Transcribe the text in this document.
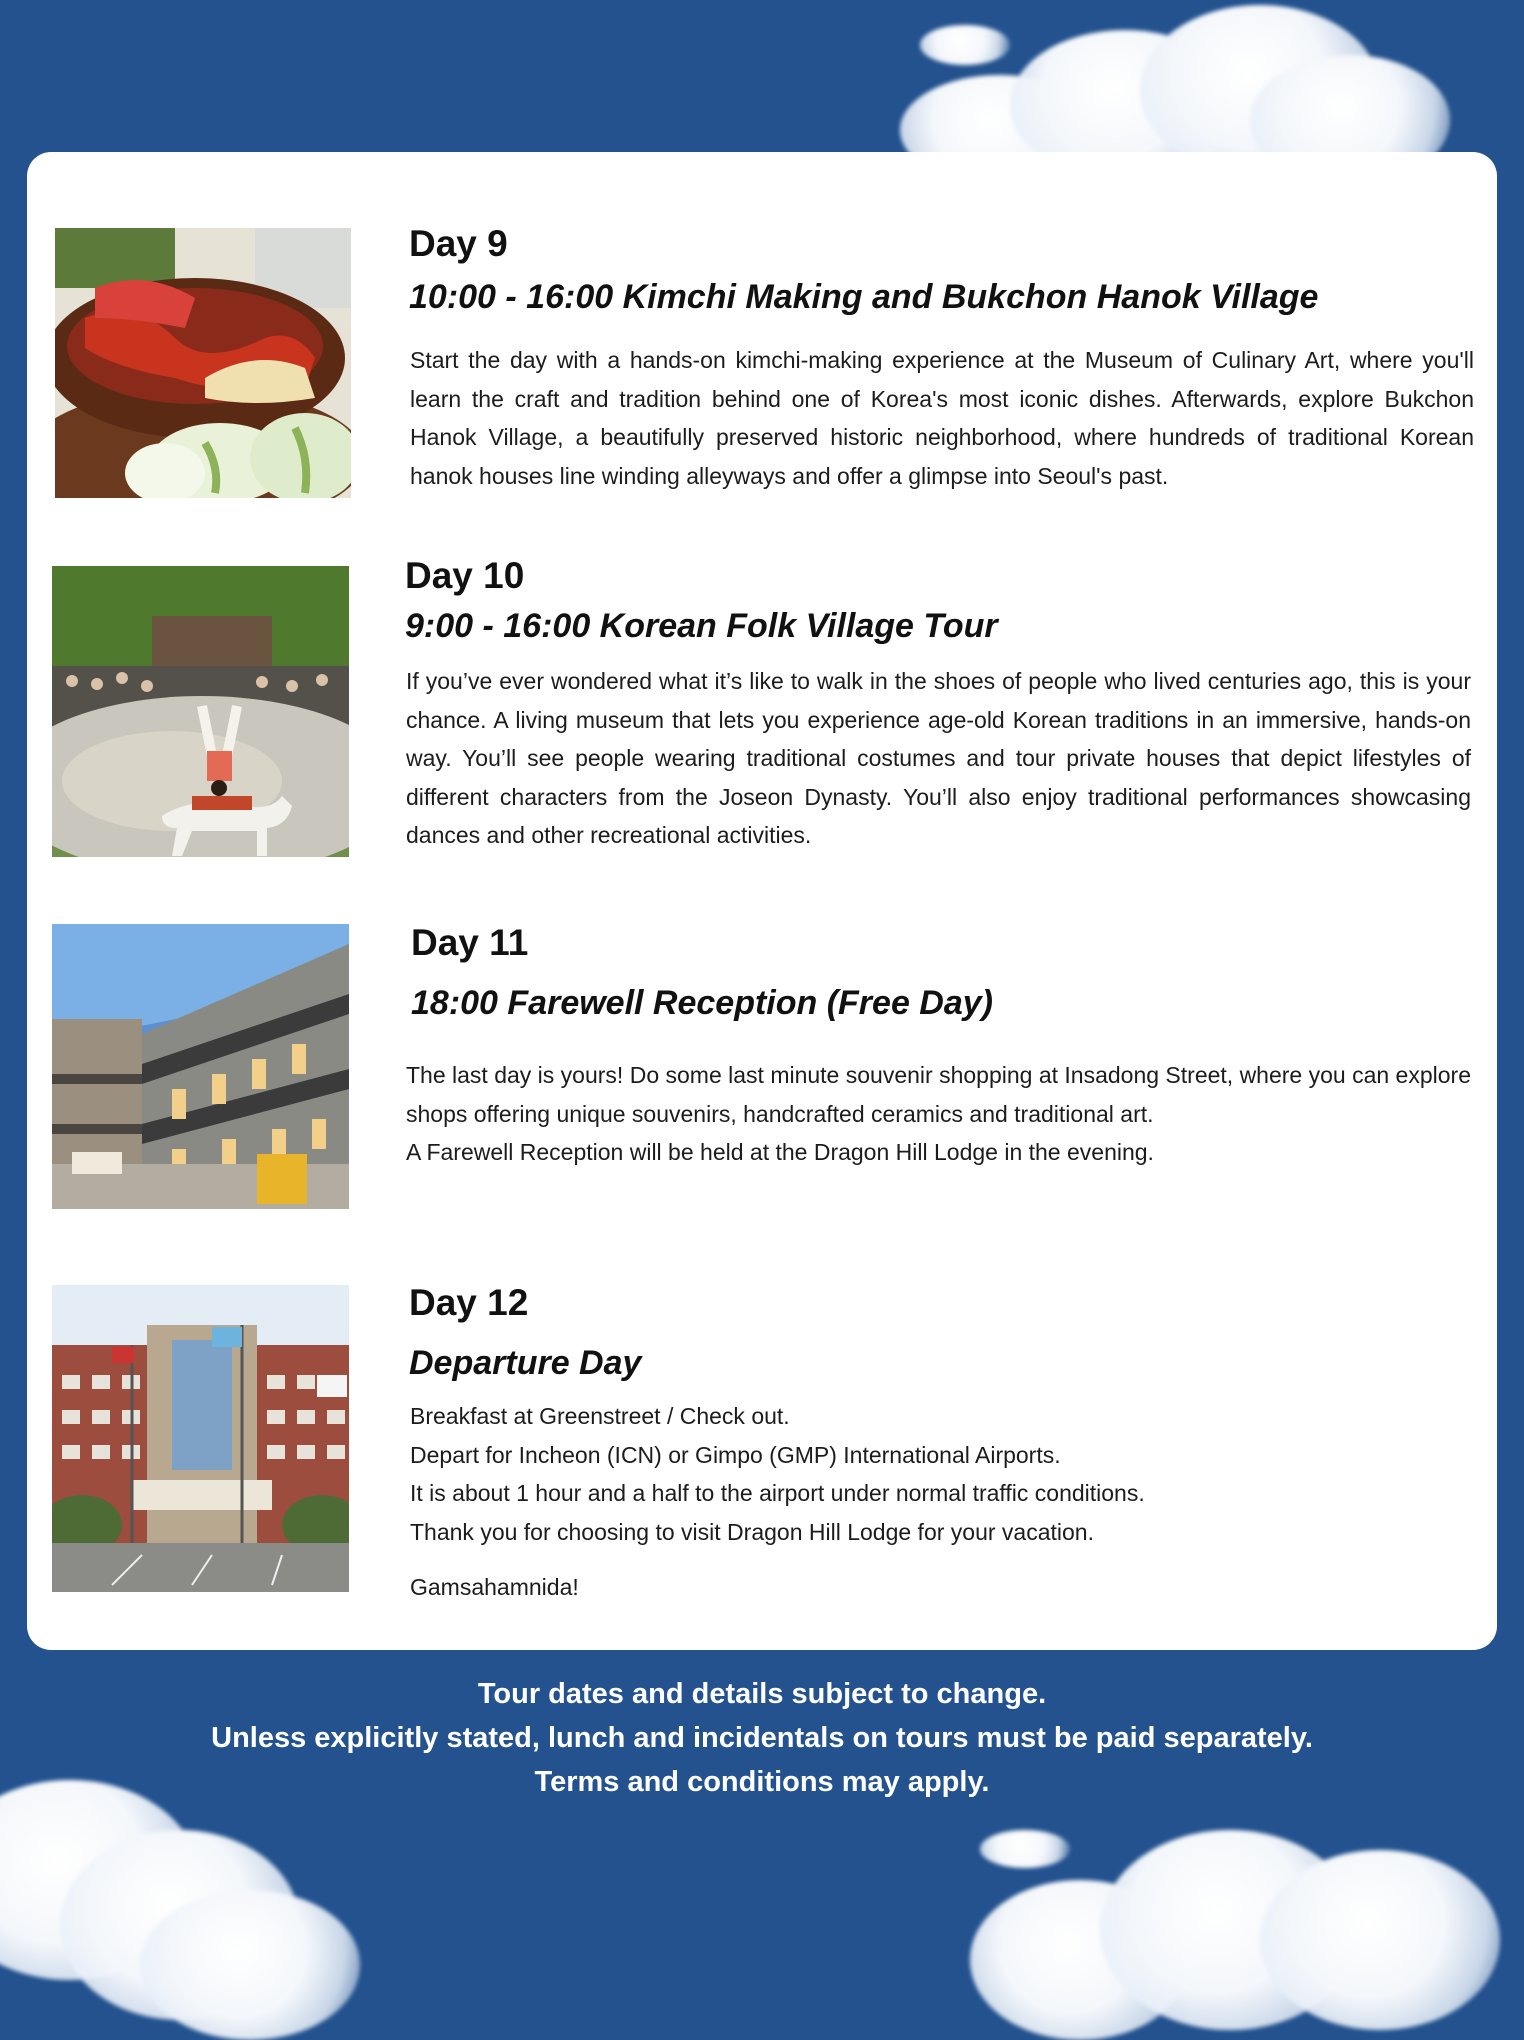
Day 9
10:00 - 16:00 Kimchi Making and Bukchon Hanok Village

Start the day with a hands-on kimchi-making experience at the Museum of Culinary Art, where you'll learn the craft and tradition behind one of Korea's most iconic dishes. Afterwards, explore Bukchon Hanok Village, a beautifully preserved historic neighborhood, where hundreds of traditional Korean hanok houses line winding alleyways and offer a glimpse into Seoul's past.

Day 10
9:00 - 16:00 Korean Folk Village Tour

If you’ve ever wondered what it’s like to walk in the shoes of people who lived centuries ago, this is your chance. A living museum that lets you experience age-old Korean traditions in an immersive, hands-on way. You’ll see people wearing traditional costumes and tour private houses that depict lifestyles of different characters from the Joseon Dynasty. You’ll also enjoy traditional performances showcasing dances and other recreational activities.

Day 11
18:00 Farewell Reception (Free Day)
The last day is yours! Do some last minute souvenir shopping at Insadong Street, where you can explore shops offering unique souvenirs, handcrafted ceramics and traditional art.
A Farewell Reception will be held at the Dragon Hill Lodge in the evening.
Day 12
Departure Day
Breakfast at Greenstreet / Check out.
Depart for Incheon (ICN) or Gimpo (GMP) International Airports.
It is about 1 hour and a half to the airport under normal traffic conditions.
Thank you for choosing to visit Dragon Hill Lodge for your vacation.

Gamsahamnida!

Tour dates and details subject to change.
Unless explicitly stated, lunch and incidentals on tours must be paid separately.
Terms and conditions may apply.
